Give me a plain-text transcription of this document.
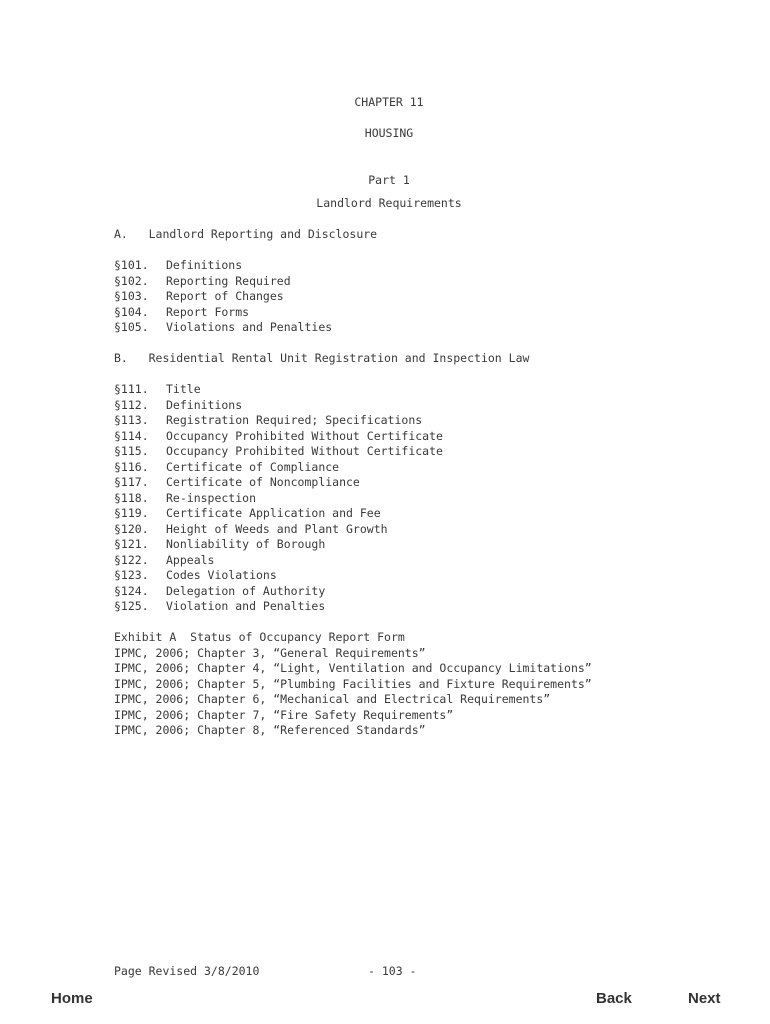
CHAPTER 11
HOUSING
Part 1
Landlord Requirements
A.   Landlord Reporting and Disclosure
§101. Definitions
§102. Reporting Required
§103. Report of Changes
§104. Report Forms
§105. Violations and Penalties
B.   Residential Rental Unit Registration and Inspection Law
§111. Title
§112. Definitions
§113. Registration Required; Specifications
§114. Occupancy Prohibited Without Certificate
§115. Occupancy Prohibited Without Certificate
§116. Certificate of Compliance
§117. Certificate of Noncompliance
§118. Re-inspection
§119. Certificate Application and Fee
§120. Height of Weeds and Plant Growth
§121. Nonliability of Borough
§122. Appeals
§123. Codes Violations
§124. Delegation of Authority
§125. Violation and Penalties
Exhibit A  Status of Occupancy Report Form
IPMC, 2006; Chapter 3, “General Requirements”
IPMC, 2006; Chapter 4, “Light, Ventilation and Occupancy Limitations”
IPMC, 2006; Chapter 5, “Plumbing Facilities and Fixture Requirements”
IPMC, 2006; Chapter 6, “Mechanical and Electrical Requirements”
IPMC, 2006; Chapter 7, “Fire Safety Requirements”
IPMC, 2006; Chapter 8, “Referenced Standards”
Page Revised 3/8/2010	- 103 -
Home	Back	Next
